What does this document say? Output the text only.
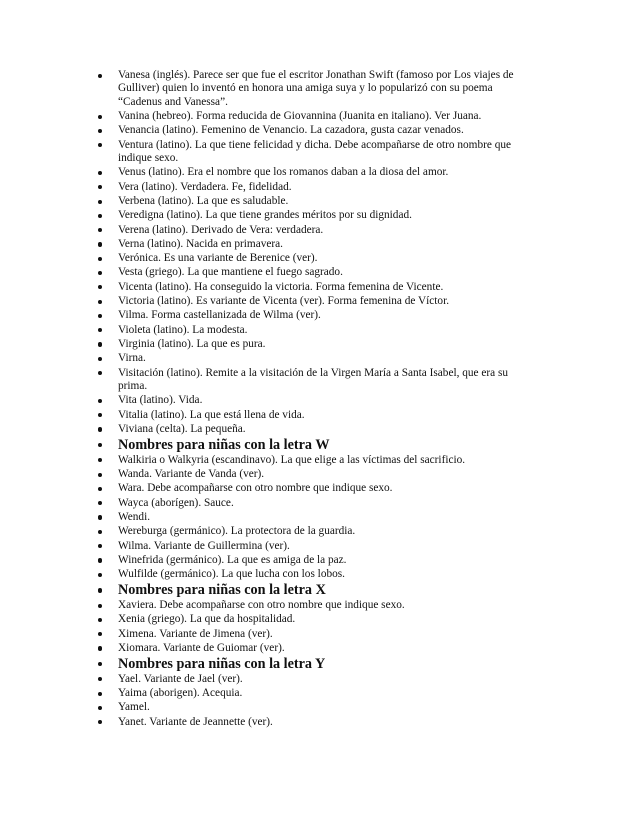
Vanesa (inglés). Parece ser que fue el escritor Jonathan Swift (famoso por Los viajes de Gulliver) quien lo inventó en honora una amiga suya y lo popularizó con su poema “Cadenus and Vanessa”.
Vanina (hebreo). Forma reducida de Giovannina (Juanita en italiano). Ver Juana.
Venancia (latino). Femenino de Venancio. La cazadora, gusta cazar venados.
Ventura (latino). La que tiene felicidad y dicha. Debe acompañarse de otro nombre que indique sexo.
Venus (latino). Era el nombre que los romanos daban a la diosa del amor.
Vera (latino). Verdadera. Fe, fidelidad.
Verbena (latino). La que es saludable.
Veredigna (latino). La que tiene grandes méritos por su dignidad.
Verena (latino). Derivado de Vera: verdadera.
Verna (latino). Nacida en primavera.
Verónica. Es una variante de Berenice (ver).
Vesta (griego). La que mantiene el fuego sagrado.
Vicenta (latino). Ha conseguido la victoria. Forma femenina de Vicente.
Victoria (latino). Es variante de Vicenta (ver). Forma femenina de Víctor.
Vilma. Forma castellanizada de Wilma (ver).
Violeta (latino). La modesta.
Virginia (latino). La que es pura.
Virna.
Visitación (latino). Remite a la visitación de la Virgen María a Santa Isabel, que era su prima.
Vita (latino). Vida.
Vitalia (latino). La que está llena de vida.
Viviana (celta). La pequeña.
Nombres para niñas con la letra W
Walkiria o Walkyria (escandinavo). La que elige a las víctimas del sacrificio.
Wanda. Variante de Vanda (ver).
Wara. Debe acompañarse con otro nombre que indique sexo.
Wayca (aborígen). Sauce.
Wendi.
Wereburga (germánico). La protectora de la guardia.
Wilma. Variante de Guillermina (ver).
Winefrida (germánico). La que es amiga de la paz.
Wulfilde (germánico). La que lucha con los lobos.
Nombres para niñas con la letra X
Xaviera. Debe acompañarse con otro nombre que indique sexo.
Xenia (griego). La que da hospitalidad.
Ximena. Variante de Jimena (ver).
Xiomara. Variante de Guiomar (ver).
Nombres para niñas con la letra Y
Yael. Variante de Jael (ver).
Yaima (aborigen). Acequia.
Yamel.
Yanet. Variante de Jeannette (ver).
